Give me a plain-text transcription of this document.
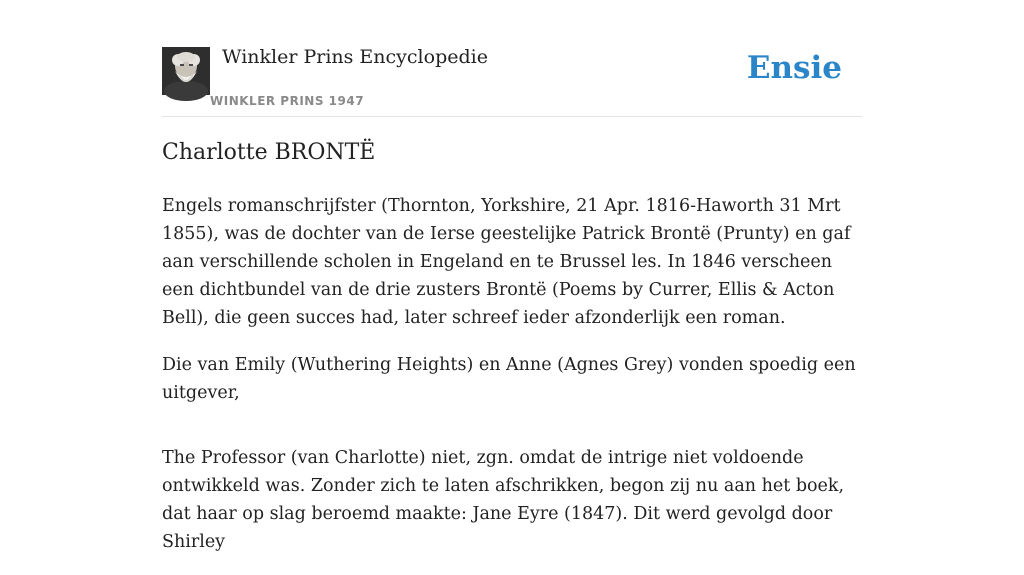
Winkler Prins Encyclopedie
WINKLER PRINS 1947
Ensie
Charlotte BRONTË

Engels romanschrijfster (Thornton, Yorkshire, 21 Apr. 1816-Haworth 31 Mrt 1855), was de dochter van de Ierse geestelijke Patrick Brontë (Prunty) en gaf aan verschillende scholen in Engeland en te Brussel les. In 1846 verscheen een dichtbundel van de drie zusters Brontë (Poems by Currer, Ellis & Acton Bell), die geen succes had, later schreef ieder afzonderlijk een roman.

Die van Emily (Wuthering Heights) en Anne (Agnes Grey) vonden spoedig een uitgever,

The Professor (van Charlotte) niet, zgn. omdat de intrige niet voldoende ontwikkeld was. Zonder zich te laten afschrikken, begon zij nu aan het boek, dat haar op slag beroemd maakte: Jane Eyre (1847). Dit werd gevolgd door Shirley
